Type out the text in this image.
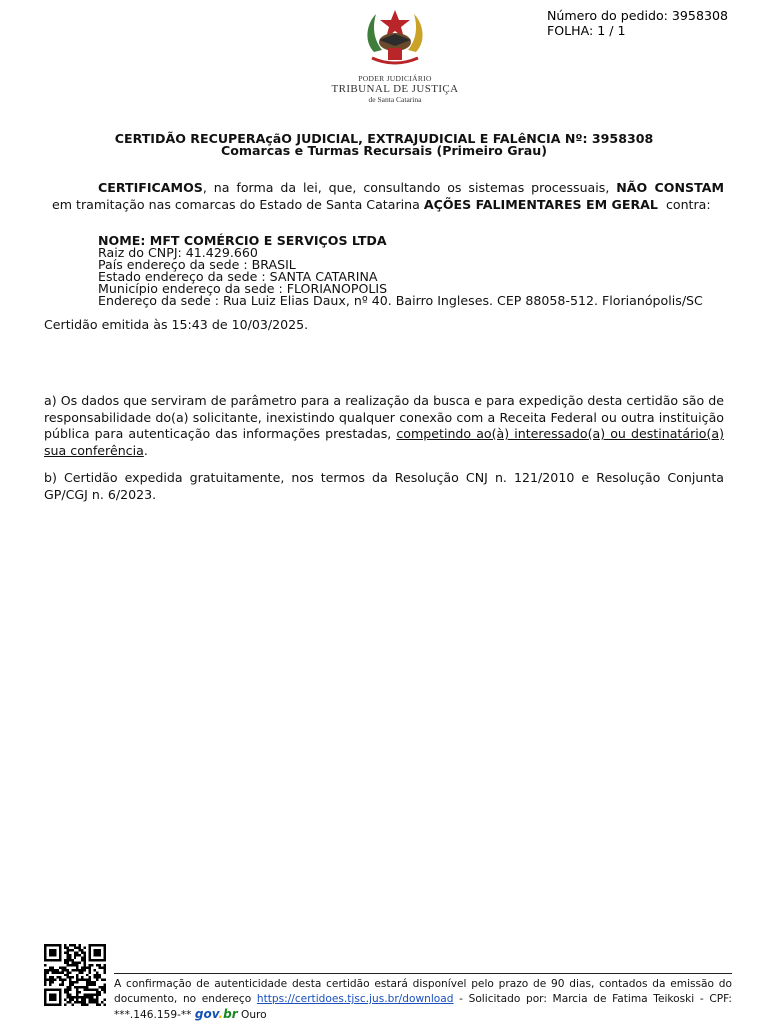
Número do pedido: 3958308
FOLHA: 1 / 1
PODER JUDICIÁRIO
TRIBUNAL DE JUSTIÇA
de Santa Catarina
CERTIDÃO RECUPERAçãO JUDICIAL, EXTRAJUDICIAL E FALêNCIA Nº: 3958308
Comarcas e Turmas Recursais (Primeiro Grau)
CERTIFICAMOS, na forma da lei, que, consultando os sistemas processuais, NÃO CONSTAM  em tramitação nas comarcas do Estado de Santa Catarina AÇÕES FALIMENTARES EM GERAL  contra:
NOME: MFT COMÉRCIO E SERVIÇOS LTDA
Raiz do CNPJ: 41.429.660
País endereço da sede : BRASIL
Estado endereço da sede : SANTA CATARINA
Município endereço da sede : FLORIANOPOLIS
Endereço da sede : Rua Luiz Elias Daux, nº 40. Bairro Ingleses. CEP 88058-512. Florianópolis/SC
Certidão emitida às 15:43 de 10/03/2025.
a) Os dados que serviram de parâmetro para a realização da busca e para expedição desta certidão são de responsabilidade do(a) solicitante, inexistindo qualquer conexão com a Receita Federal ou outra instituição pública para autenticação das informações prestadas, competindo ao(à) interessado(a) ou destinatário(a) sua conferência.
b) Certidão expedida gratuitamente, nos termos da Resolução CNJ n. 121/2010 e Resolução Conjunta GP/CGJ n. 6/2023.
A confirmação de autenticidade desta certidão estará disponível pelo prazo de 90 dias, contados da emissão do documento, no endereço https://certidoes.tjsc.jus.br/download - Solicitado por: Marcia de Fatima Teikoski - CPF: ***.146.159-** gov.br Ouro
